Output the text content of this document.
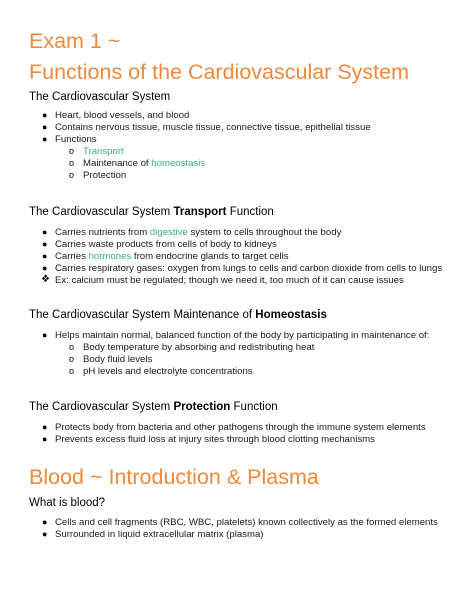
Exam 1 ~
Functions of the Cardiovascular System
The Cardiovascular System
● Heart, blood vessels, and blood
● Contains nervous tissue, muscle tissue, connective tissue, epithelial tissue
● Functions
o Transport
o Maintenance of homeostasis
o Protection
The Cardiovascular System Transport Function
● Carries nutrients from digestive system to cells throughout the body
● Carries waste products from cells of body to kidneys
● Carries hormones from endocrine glands to target cells
● Carries respiratory gases: oxygen from lungs to cells and carbon dioxide from cells to lungs
❖ Ex: calcium must be regulated; though we need it, too much of it can cause issues
The Cardiovascular System Maintenance of Homeostasis
● Helps maintain normal, balanced function of the body by participating in maintenance of:
o Body temperature by absorbing and redistributing heat
o Body fluid levels
o pH levels and electrolyte concentrations
The Cardiovascular System Protection Function
● Protects body from bacteria and other pathogens through the immune system elements
● Prevents excess fluid loss at injury sites through blood clotting mechanisms
Blood ~ Introduction & Plasma
What is blood?
● Cells and cell fragments (RBC, WBC, platelets) known collectively as the formed elements
● Surrounded in liquid extracellular matrix (plasma)
